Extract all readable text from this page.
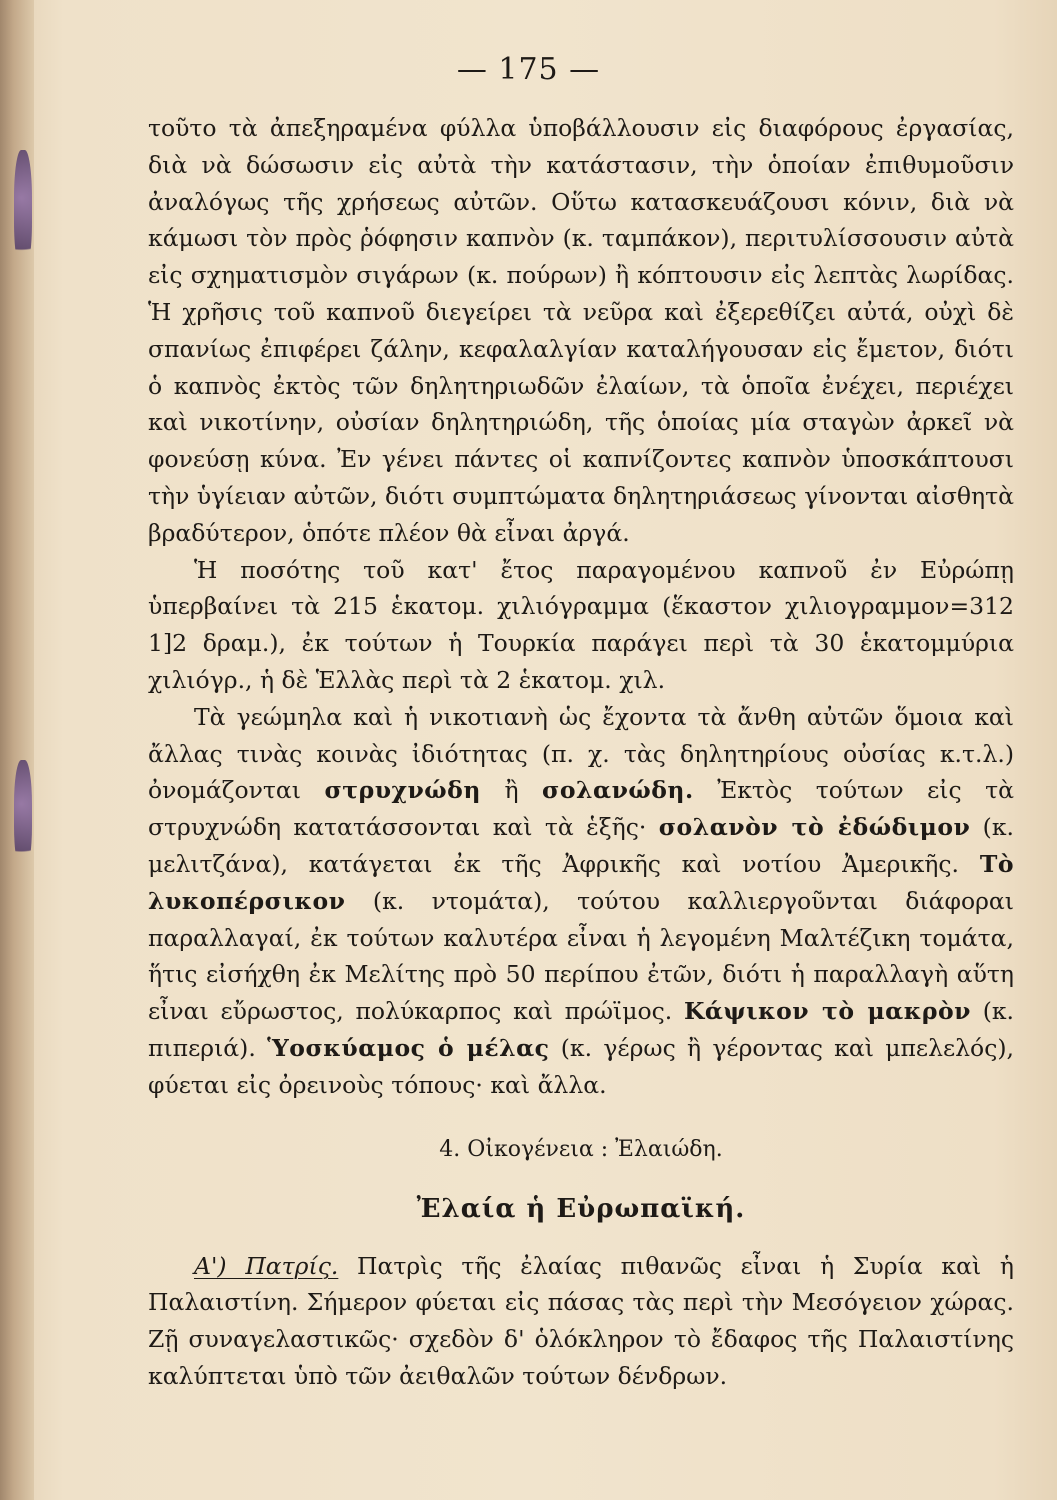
— 175 —

τοῦτο τὰ ἀπεξηραμένα φύλλα ὑποβάλλουσιν εἰς διαφόρους ἐργασίας, διὰ νὰ δώσωσιν εἰς αὐτὰ τὴν κατάστασιν, τὴν ὁποίαν ἐπιθυμοῦσιν ἀναλόγως τῆς χρήσεως αὐτῶν. Οὕτω κατασκευάζουσι κόνιν, διὰ νὰ κάμωσι τὸν πρὸς ῥόφησιν καπνὸν (κ. ταμπάκον), περιτυλίσσουσιν αὐτὰ εἰς σχηματισμὸν σιγάρων (κ. πούρων) ἢ κόπτουσιν εἰς λεπτὰς λωρίδας. Ἡ χρῆσις τοῦ καπνοῦ διεγείρει τὰ νεῦρα καὶ ἐξερεθίζει αὐτά, οὐχὶ δὲ σπανίως ἐπιφέρει ζάλην, κεφαλαλγίαν καταλήγουσαν εἰς ἔμετον, διότι ὁ καπνὸς ἐκτὸς τῶν δηλητηριωδῶν ἐλαίων, τὰ ὁποῖα ἐνέχει, περιέχει καὶ νικοτίνην, οὐσίαν δηλητηριώδη, τῆς ὁποίας μία σταγὼν ἀρκεῖ νὰ φονεύσῃ κύνα. Ἐν γένει πάντες οἱ καπνίζοντες καπνὸν ὑποσκάπτουσι τὴν ὑγίειαν αὐτῶν, διότι συμπτώματα δηλητηριάσεως γίνονται αἰσθητὰ βραδύτερον, ὁπότε πλέον θὰ εἶναι ἀργά.

Ἡ ποσότης τοῦ κατ' ἔτος παραγομένου καπνοῦ ἐν Εὐρώπῃ ὑπερβαίνει τὰ 215 ἑκατομ. χιλιόγραμμα (ἕκαστον χιλιογραμμον=312 1]2 δραμ.), ἐκ τούτων ἡ Τουρκία παράγει περὶ τὰ 30 ἑκατομμύρια χιλιόγρ., ἡ δὲ Ἑλλὰς περὶ τὰ 2 ἑκατομ. χιλ.

Τὰ γεώμηλα καὶ ἡ νικοτιανὴ ὡς ἔχοντα τὰ ἄνθη αὐτῶν ὅμοια καὶ ἄλλας τινὰς κοινὰς ἰδιότητας (π. χ. τὰς δηλητηρίους οὐσίας κ.τ.λ.) ὀνομάζονται στρυχνώδη ἢ σολανώδη. Ἐκτὸς τούτων εἰς τὰ στρυχνώδη κατατάσσονται καὶ τὰ ἑξῆς· σολανὸν τὸ ἐδώδιμον (κ. μελιτζάνα), κατάγεται ἐκ τῆς Ἀφρικῆς καὶ νοτίου Ἀμερικῆς. Τὸ λυκοπέρσικον (κ. ντομάτα), τούτου καλλιεργοῦνται διάφοραι παραλλαγαί, ἐκ τούτων καλυτέρα εἶναι ἡ λεγομένη Μαλτέζικη τομάτα, ἥτις εἰσήχθη ἐκ Μελίτης πρὸ 50 περίπου ἐτῶν, διότι ἡ παραλλαγὴ αὕτη εἶναι εὔρωστος, πολύκαρπος καὶ πρώϊμος. Κάψικον τὸ μακρὸν (κ. πιπεριά). Ὑοσκύαμος ὁ μέλας (κ. γέρως ἢ γέροντας καὶ μπελελός), φύεται εἰς ὀρεινοὺς τόπους· καὶ ἄλλα.

4. Οἰκογένεια : Ἐλαιώδη.
Ἐλαία ἡ Εὐρωπαϊκή.

Α') Πατρίς. Πατρὶς τῆς ἐλαίας πιθανῶς εἶναι ἡ Συρία καὶ ἡ Παλαιστίνη. Σήμερον φύεται εἰς πάσας τὰς περὶ τὴν Μεσόγειον χώρας. Ζῇ συναγελαστικῶς· σχεδὸν δ' ὁλόκληρον τὸ ἔδαφος τῆς Παλαιστίνης καλύπτεται ὑπὸ τῶν ἀειθαλῶν τούτων δένδρων.
